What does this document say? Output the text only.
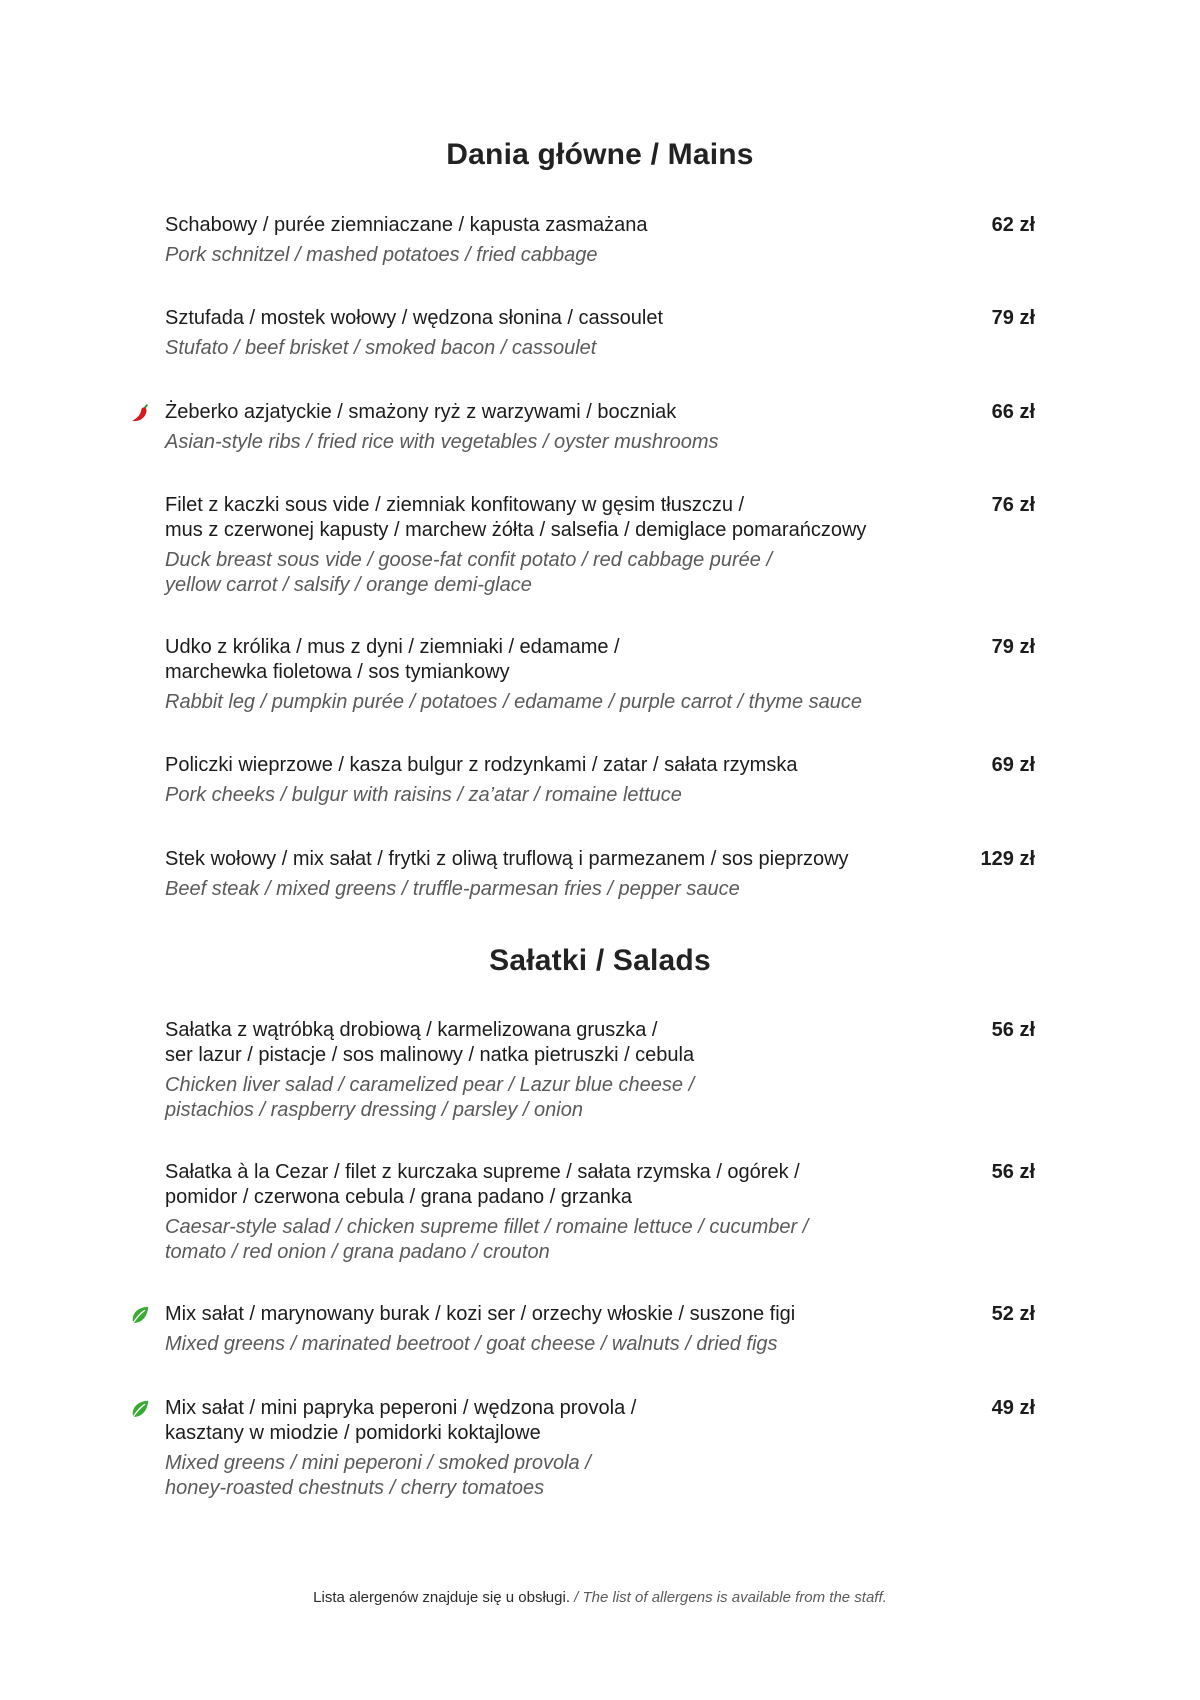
Dania główne / Mains
Schabowy / purée ziemniaczane / kapusta zasmażana
Pork schnitzel / mashed potatoes / fried cabbage
62 zł
Sztufada / mostek wołowy / wędzona słonina / cassoulet
Stufato / beef brisket / smoked bacon / cassoulet
79 zł
Żeberko azjatyckie / smażony ryż z warzywami / boczniak
Asian-style ribs / fried rice with vegetables / oyster mushrooms
66 zł
Filet z kaczki sous vide / ziemniak konfitowany w gęsim tłuszczu /
mus z czerwonej kapusty / marchew żółta / salsefia / demiglace pomarańczowy
Duck breast sous vide / goose-fat confit potato / red cabbage purée /
yellow carrot / salsify / orange demi-glace
76 zł
Udko z królika / mus z dyni / ziemniaki / edamame /
marchewka fioletowa / sos tymiankowy
Rabbit leg / pumpkin purée / potatoes / edamame / purple carrot / thyme sauce
79 zł
Policzki wieprzowe / kasza bulgur z rodzynkami / zatar / sałata rzymska
Pork cheeks / bulgur with raisins / za’atar / romaine lettuce
69 zł
Stek wołowy / mix sałat / frytki z oliwą truflową i parmezanem / sos pieprzowy
Beef steak / mixed greens / truffle-parmesan fries / pepper sauce
129 zł
Sałatki / Salads
Sałatka z wątróbką drobiową / karmelizowana gruszka /
ser lazur / pistacje / sos malinowy / natka pietruszki / cebula
Chicken liver salad / caramelized pear / Lazur blue cheese /
pistachios / raspberry dressing / parsley / onion
56 zł
Sałatka à la Cezar / filet z kurczaka supreme / sałata rzymska / ogórek /
pomidor / czerwona cebula / grana padano / grzanka
Caesar-style salad / chicken supreme fillet / romaine lettuce / cucumber /
tomato / red onion / grana padano / crouton
56 zł
Mix sałat / marynowany burak / kozi ser / orzechy włoskie / suszone figi
Mixed greens / marinated beetroot / goat cheese / walnuts / dried figs
52 zł
Mix sałat / mini papryka peperoni / wędzona provola /
kasztany w miodzie / pomidorki koktajlowe
Mixed greens / mini peperoni / smoked provola /
honey-roasted chestnuts / cherry tomatoes
49 zł
Lista alergenów znajduje się u obsługi. / The list of allergens is available from the staff.
